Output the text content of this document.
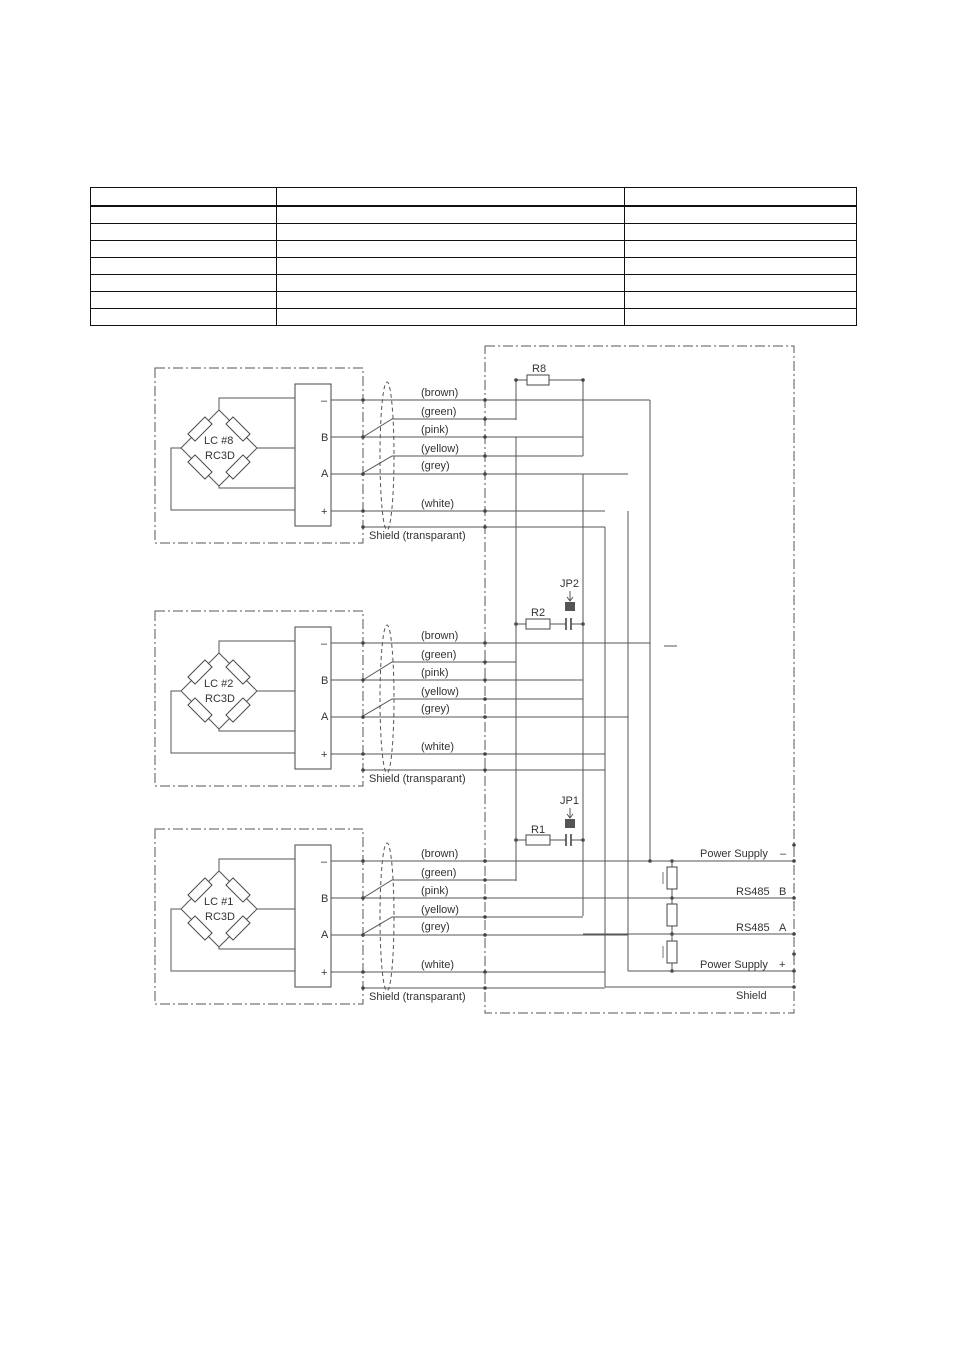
LC #8
RC3D
–
B
A
+
(brown)
(green)
(pink)
(yellow)
(grey)
(white)
Shield (transparant)
LC #2
RC3D
–
B
A
+
(brown)
(green)
(pink)
(yellow)
(grey)
(white)
Shield (transparant)
LC #1
RC3D
–
B
A
+
(brown)
(green)
(pink)
(yellow)
(grey)
(white)
Shield (transparant)
R8
R2
JP2
R1
JP1
Power Supply –
RS485 B
RS485 A
Power Supply +
Shield
